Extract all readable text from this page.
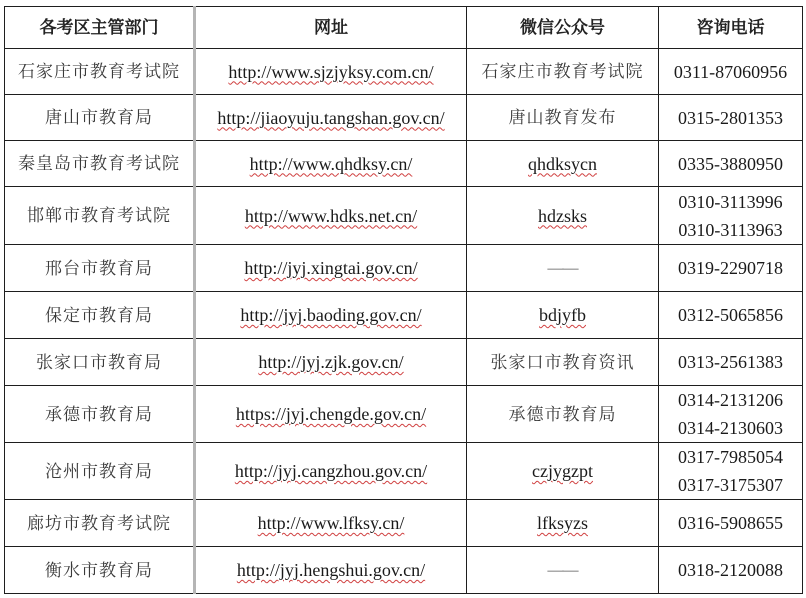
各考区主管部门	网址	微信公众号	咨询电话
石家庄市教育考试院	http://www.sjzjyksy.com.cn/	石家庄市教育考试院	0311-87060956

唐山市教育局	http://jiaoyuju.tangshan.gov.cn/	唐山教育发布	0315-2801353

秦皇岛市教育考试院	http://www.qhdksy.cn/	qhdksycn	0335-3880950

邯郸市教育考试院	http://www.hdks.net.cn/	hdzsks	0310-3113996
0310-3113963

邢台市教育局	http://jyj.xingtai.gov.cn/	——	0319-2290718

保定市教育局	http://jyj.baoding.gov.cn/	bdjyfb	0312-5065856

张家口市教育局	http://jyj.zjk.gov.cn/	张家口市教育资讯	0313-2561383

承德市教育局	https://jyj.chengde.gov.cn/	承德市教育局	0314-2131206
0314-2130603

沧州市教育局	http://jyj.cangzhou.gov.cn/	czjygzpt	0317-7985054
0317-3175307

廊坊市教育考试院	http://www.lfksy.cn/	lfksyzs	0316-5908655

衡水市教育局	http://jyj.hengshui.gov.cn/	——	0318-2120088
